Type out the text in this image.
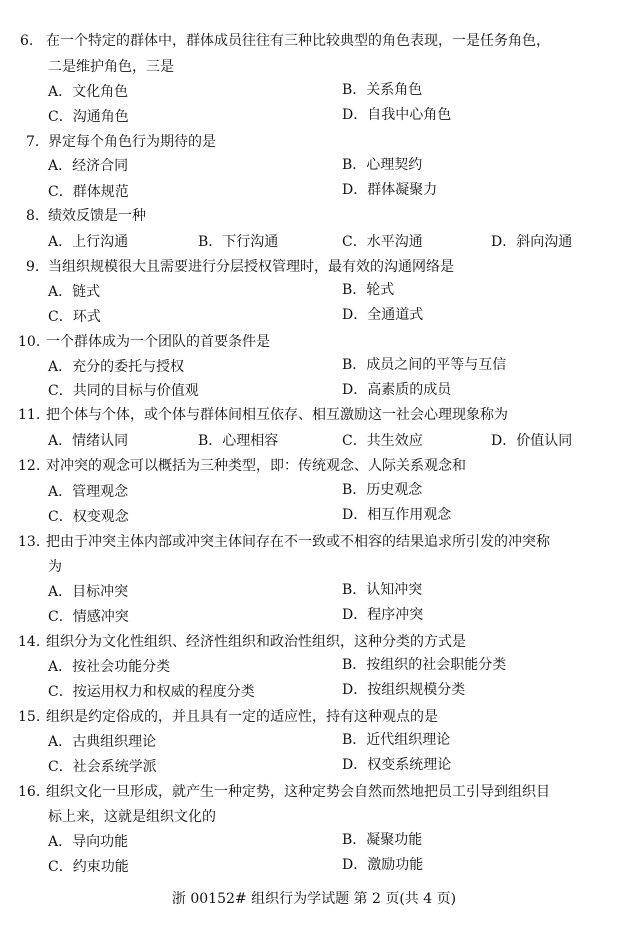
6. 在一个特定的群体中，群体成员往往有三种比较典型的角色表现，一是任务角色，
二是维护角色，三是
A．文化角色	B．关系角色
C．沟通角色	D．自我中心角色
7. 界定每个角色行为期待的是
A．经济合同	B．心理契约
C．群体规范	D．群体凝聚力
8. 绩效反馈是一种
A．上行沟通	B．下行沟通	C．水平沟通	D．斜向沟通
9. 当组织规模很大且需要进行分层授权管理时，最有效的沟通网络是
A．链式	B．轮式
C．环式	D．全通道式
10. 一个群体成为一个团队的首要条件是
A．充分的委托与授权	B．成员之间的平等与互信
C．共同的目标与价值观	D．高素质的成员
11. 把个体与个体，或个体与群体间相互依存、相互激励这一社会心理现象称为
A．情绪认同	B．心理相容	C．共生效应	D．价值认同
12. 对冲突的观念可以概括为三种类型，即：传统观念、人际关系观念和
A．管理观念	B．历史观念
C．权变观念	D．相互作用观念
13. 把由于冲突主体内部或冲突主体间存在不一致或不相容的结果追求所引发的冲突称
为
A．目标冲突	B．认知冲突
C．情感冲突	D．程序冲突
14. 组织分为文化性组织、经济性组织和政治性组织，这种分类的方式是
A．按社会功能分类	B．按组织的社会职能分类
C．按运用权力和权威的程度分类	D．按组织规模分类
15. 组织是约定俗成的，并且具有一定的适应性，持有这种观点的是
A．古典组织理论	B．近代组织理论
C．社会系统学派	D．权变系统理论
16. 组织文化一旦形成，就产生一种定势，这种定势会自然而然地把员工引导到组织目
标上来，这就是组织文化的
A．导向功能	B．凝聚功能
C．约束功能	D．激励功能
浙 00152# 组织行为学试题 第 2 页(共 4 页)
